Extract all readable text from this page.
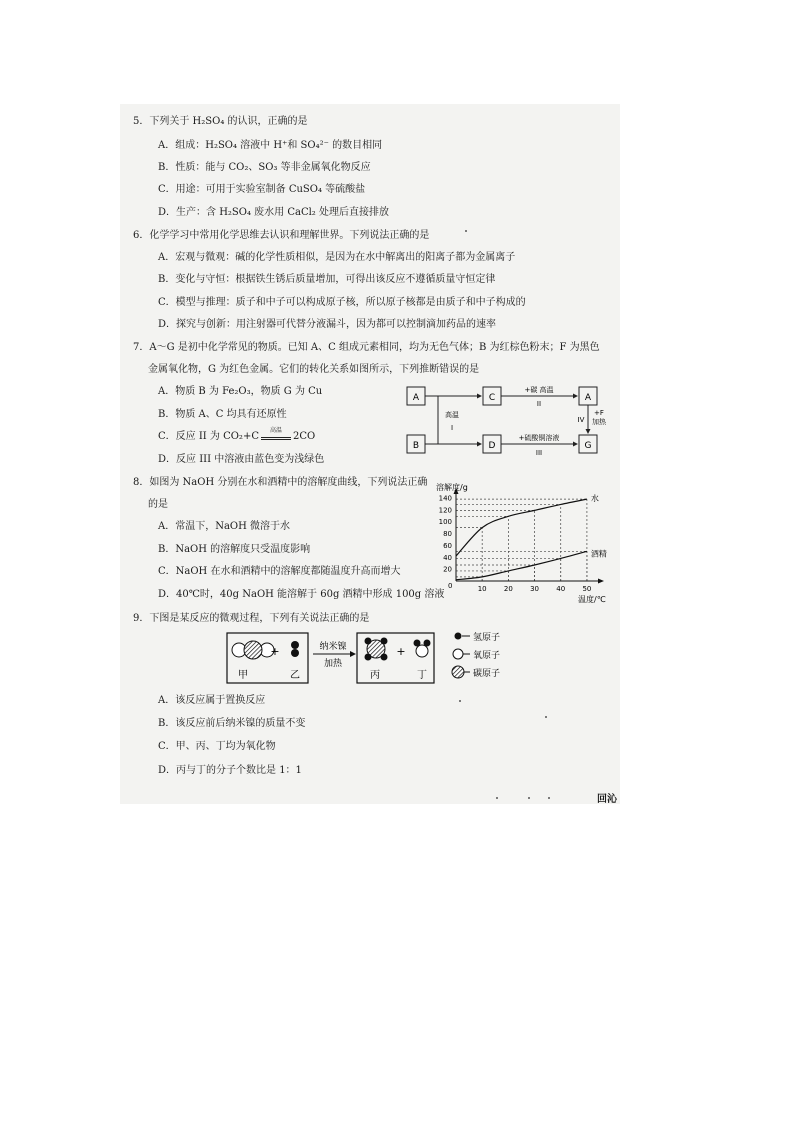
5．下列关于 H₂SO₄ 的认识，正确的是
A．组成：H₂SO₄ 溶液中 H⁺和 SO₄²⁻ 的数目相同
B．性质：能与 CO₂、SO₃ 等非金属氧化物反应
C．用途：可用于实验室制备 CuSO₄ 等硫酸盐
D．生产：含 H₂SO₄ 废水用 CaCl₂ 处理后直接排放
6．化学学习中常用化学思维去认识和理解世界。下列说法正确的是
A．宏观与微观：碱的化学性质相似，是因为在水中解离出的阳离子都为金属离子
B．变化与守恒：根据铁生锈后质量增加，可得出该反应不遵循质量守恒定律
C．模型与推理：质子和中子可以构成原子核，所以原子核都是由质子和中子构成的
D．探究与创新：用注射器可代替分液漏斗，因为都可以控制滴加药品的速率
7．A～G 是初中化学常见的物质。已知 A、C 组成元素相同，均为无色气体；B 为红棕色粉末；F 为黑色
金属氧化物，G 为红色金属。它们的转化关系如图所示，下列推断错误的是
A．物质 B 为 Fe₂O₃，物质 G 为 Cu
B．物质 A、C 均具有还原性
C．反应 II 为 CO₂+C
高温
2CO
D．反应 III 中溶液由蓝色变为浅绿色
A
B
C
D
A
G
高温
I
+碳 高温
II
+硫酸铜溶液
III
IV
+F
加热
8．如图为 NaOH 分别在水和酒精中的溶解度曲线，下列说法正确
的是
A．常温下，NaOH 微溶于水
B．NaOH 的溶解度只受温度影响
C．NaOH 在水和酒精中的溶解度都随温度升高而增大
D．40℃时，40g NaOH 能溶解于 60g 酒精中形成 100g 溶液
水
酒精
10 20 30 40 50
20
40
60
80
100
120
140
溶解度/g
温度/℃
0
9．下图是某反应的微观过程，下列有关说法正确的是
+
甲	乙
纳米镍
加热
+
丙	丁
氢原子
氧原子
碳原子
A．该反应属于置换反应
B．该反应前后纳米镍的质量不变
C．甲、丙、丁均为氧化物
D．丙与丁的分子个数比是 1：1
回沁
